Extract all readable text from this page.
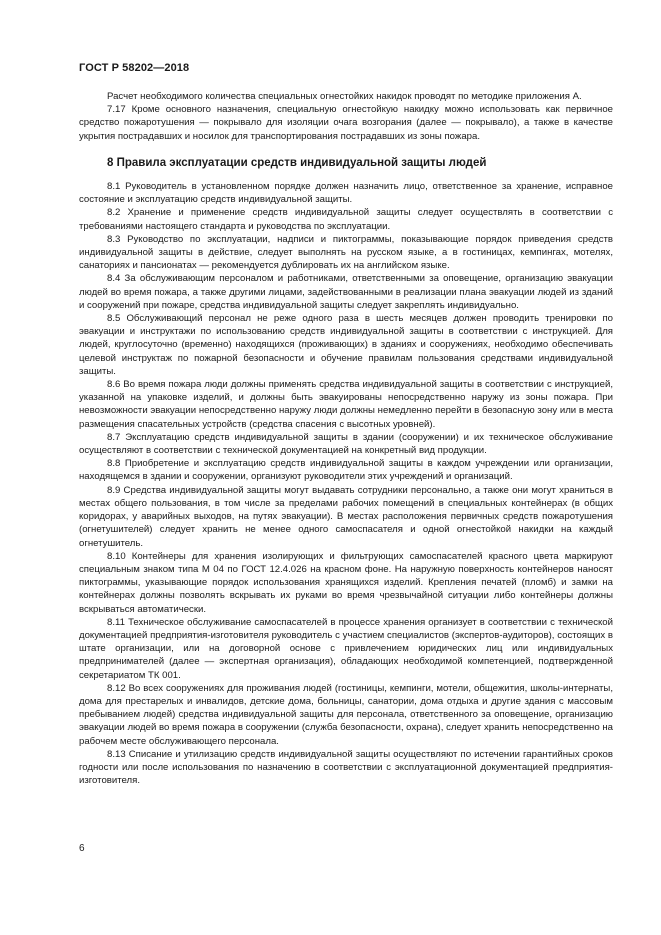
ГОСТ Р 58202—2018

Расчет необходимого количества специальных огнестойких накидок проводят по методике приложения А.

7.17 Кроме основного назначения, специальную огнестойкую накидку можно использовать как первичное средство пожаротушения — покрывало для изоляции очага возгорания (далее — покрывало), а также в качестве укрытия пострадавших и носилок для транспортирования пострадавших из зоны пожара.

8 Правила эксплуатации средств индивидуальной защиты людей

8.1 Руководитель в установленном порядке должен назначить лицо, ответственное за хранение, исправное состояние и эксплуатацию средств индивидуальной защиты.

8.2 Хранение и применение средств индивидуальной защиты следует осуществлять в соответствии с требованиями настоящего стандарта и руководства по эксплуатации.

8.3 Руководство по эксплуатации, надписи и пиктограммы, показывающие порядок приведения средств индивидуальной защиты в действие, следует выполнять на русском языке, а в гостиницах, кемпингах, мотелях, санаториях и пансионатах — рекомендуется дублировать их на английском языке.

8.4 За обслуживающим персоналом и работниками, ответственными за оповещение, организацию эвакуации людей во время пожара, а также другими лицами, задействованными в реализации плана эвакуации людей из зданий и сооружений при пожаре, средства индивидуальной защиты следует закреплять индивидуально.

8.5 Обслуживающий персонал не реже одного раза в шесть месяцев должен проводить тренировки по эвакуации и инструктажи по использованию средств индивидуальной защиты в соответствии с инструкцией. Для людей, круглосуточно (временно) находящихся (проживающих) в зданиях и сооружениях, необходимо обеспечивать целевой инструктаж по пожарной безопасности и обучение правилам пользования средствами индивидуальной защиты.

8.6 Во время пожара люди должны применять средства индивидуальной защиты в соответствии с инструкцией, указанной на упаковке изделий, и должны быть эвакуированы непосредственно наружу из зоны пожара. При невозможности эвакуации непосредственно наружу люди должны немедленно перейти в безопасную зону или в места размещения спасательных устройств (средства спасения с высотных уровней).

8.7 Эксплуатацию средств индивидуальной защиты в здании (сооружении) и их техническое обслуживание осуществляют в соответствии с технической документацией на конкретный вид продукции.

8.8 Приобретение и эксплуатацию средств индивидуальной защиты в каждом учреждении или организации, находящемся в здании и сооружении, организуют руководители этих учреждений и организаций.

8.9 Средства индивидуальной защиты могут выдавать сотрудники персонально, а также они могут храниться в местах общего пользования, в том числе за пределами рабочих помещений в специальных контейнерах (в общих коридорах, у аварийных выходов, на путях эвакуации). В местах расположения первичных средств пожаротушения (огнетушителей) следует хранить не менее одного самоспасателя и одной огнестойкой накидки на каждый огнетушитель.

8.10 Контейнеры для хранения изолирующих и фильтрующих самоспасателей красного цвета маркируют специальным знаком типа М 04 по ГОСТ 12.4.026 на красном фоне. На наружную поверхность контейнеров наносят пиктограммы, указывающие порядок использования хранящихся изделий. Крепления печатей (пломб) и замки на контейнерах должны позволять вскрывать их руками во время чрезвычайной ситуации либо контейнеры должны вскрываться автоматически.

8.11 Техническое обслуживание самоспасателей в процессе хранения организует в соответствии с технической документацией предприятия-изготовителя руководитель с участием специалистов (экспертов-аудиторов), состоящих в штате организации, или на договорной основе с привлечением юридических лиц или индивидуальных предпринимателей (далее — экспертная организация), обладающих необходимой компетенцией, подтвержденной секретариатом ТК 001.

8.12 Во всех сооружениях для проживания людей (гостиницы, кемпинги, мотели, общежития, школы-интернаты, дома для престарелых и инвалидов, детские дома, больницы, санатории, дома отдыха и другие здания с массовым пребыванием людей) средства индивидуальной защиты для персонала, ответственного за оповещение, организацию эвакуации людей во время пожара в сооружении (служба безопасности, охрана), следует хранить непосредственно на рабочем месте обслуживающего персонала.

8.13 Списание и утилизацию средств индивидуальной защиты осуществляют по истечении гарантийных сроков годности или после использования по назначению в соответствии с эксплуатационной документацией предприятия-изготовителя.

6
